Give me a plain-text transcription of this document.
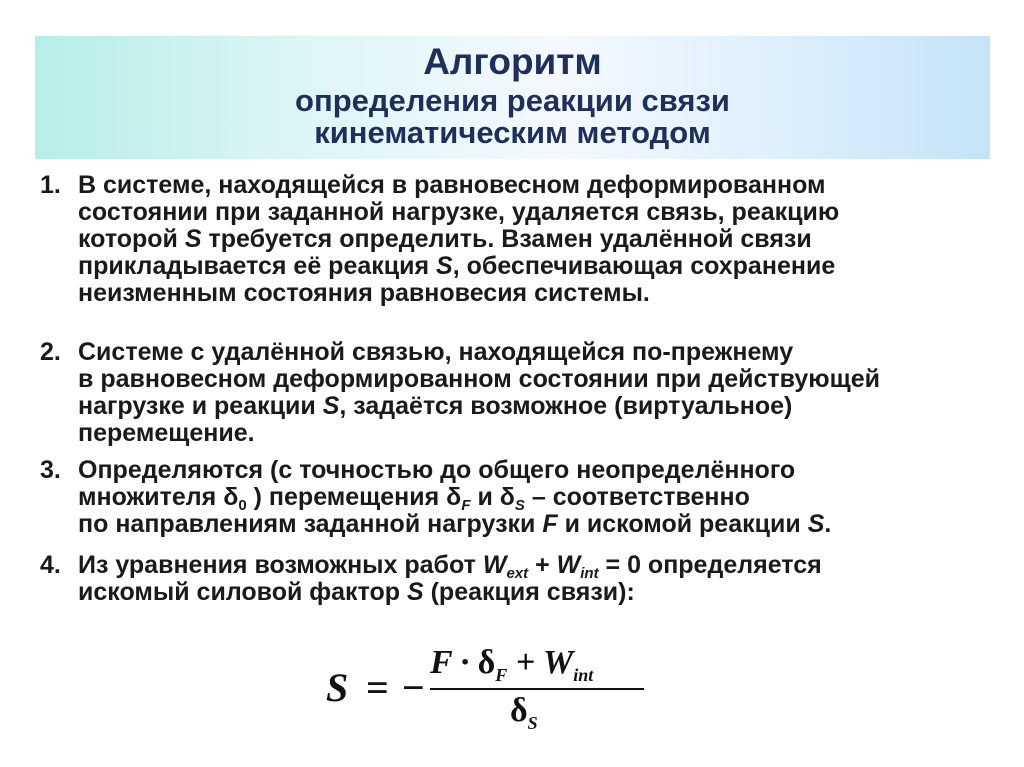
Алгоритм
определения реакции связи
кинематическим методом
1. В системе, находящейся в равновесном деформированном
состоянии при заданной нагрузке, удаляется связь, реакцию
которой S требуется определить. Взамен удалённой связи
прикладывается её реакция S, обеспечивающая сохранение
неизменным состояния равновесия системы.
2. Системе с удалённой связью, находящейся по-прежнему
в равновесном деформированном состоянии при действующей
нагрузке и реакции S, задаётся возможное (виртуальное)
перемещение.
3. Определяются (с точностью до общего неопределённого
множителя $\delta_0$ ) перемещения $\delta_F$ и $\delta_S$ – соответственно
по направлениям заданной нагрузки F и искомой реакции S.
4. Из уравнения возможных работ $W_{ext} + W_{int} = 0$ определяется
искомый силовой фактор S (реакция связи):
S = −
$F \cdot \delta_F + W_{int}$
$\delta_S$
